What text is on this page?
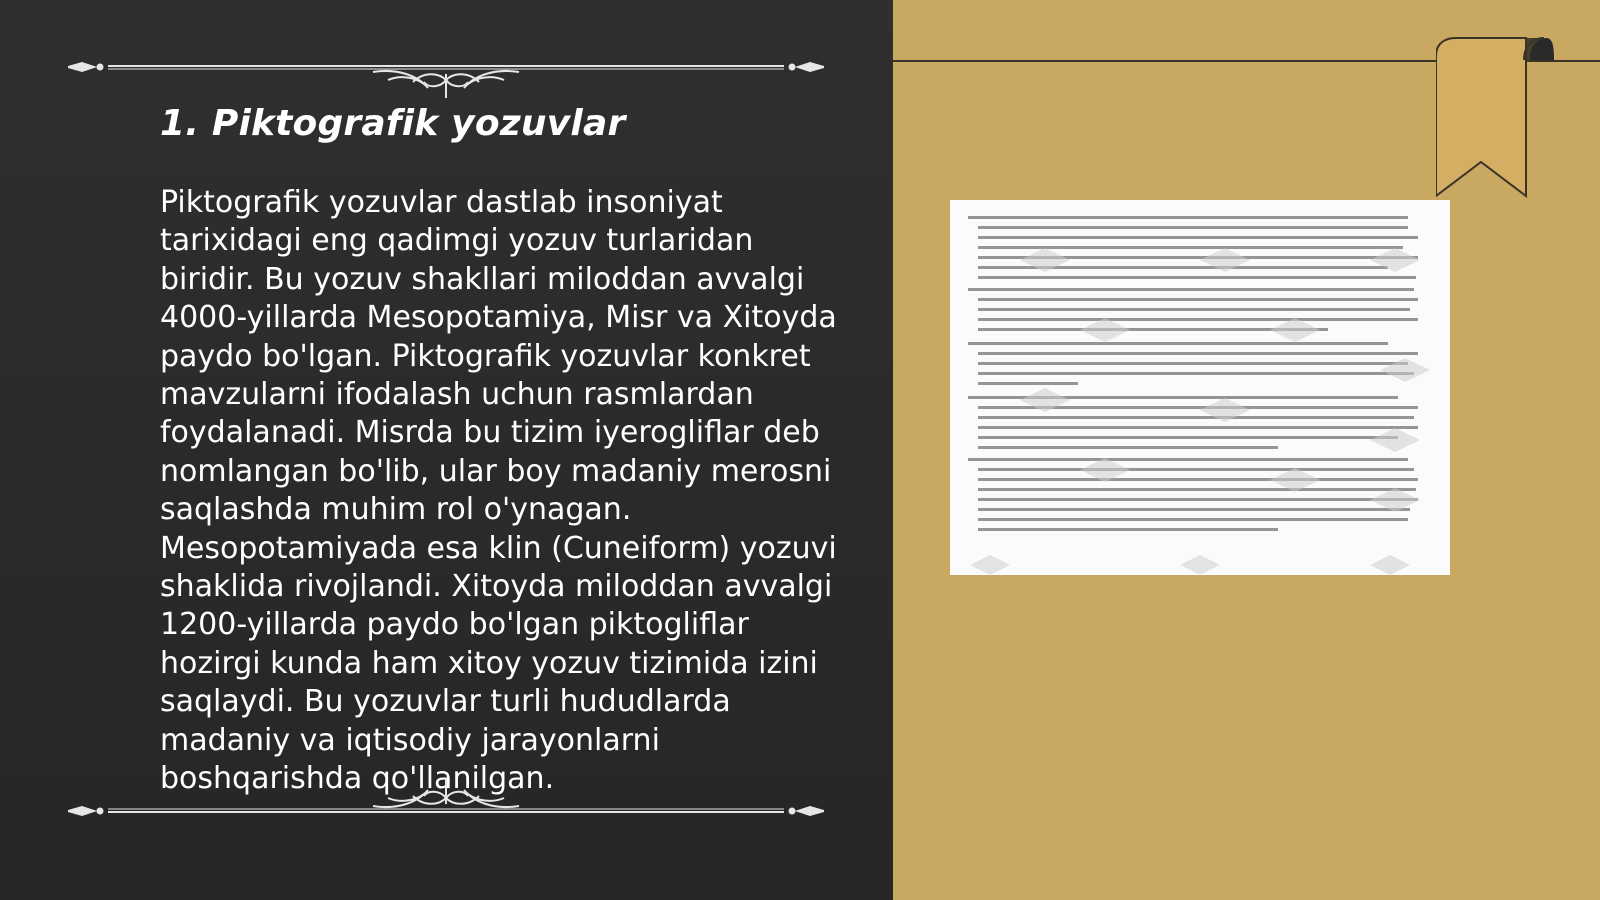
1. Piktografik yozuvlar

Piktografik yozuvlar dastlab insoniyat tarixidagi eng qadimgi yozuv turlaridan biridir. Bu yozuv shakllari miloddan avvalgi 4000-yillarda Mesopotamiya, Misr va Xitoyda paydo bo'lgan. Piktografik yozuvlar konkret mavzularni ifodalash uchun rasmlardan foydalanadi. Misrda bu tizim iyerogliflar deb nomlangan bo'lib, ular boy madaniy merosni saqlashda muhim rol o'ynagan. Mesopotamiyada esa klin (Cuneiform) yozuvi shaklida rivojlandi. Xitoyda miloddan avvalgi 1200-yillarda paydo bo'lgan piktogliflar hozirgi kunda ham xitoy yozuv tizimida izini saqlaydi. Bu yozuvlar turli hududlarda madaniy va iqtisodiy jarayonlarni boshqarishda qo'llanilgan.
